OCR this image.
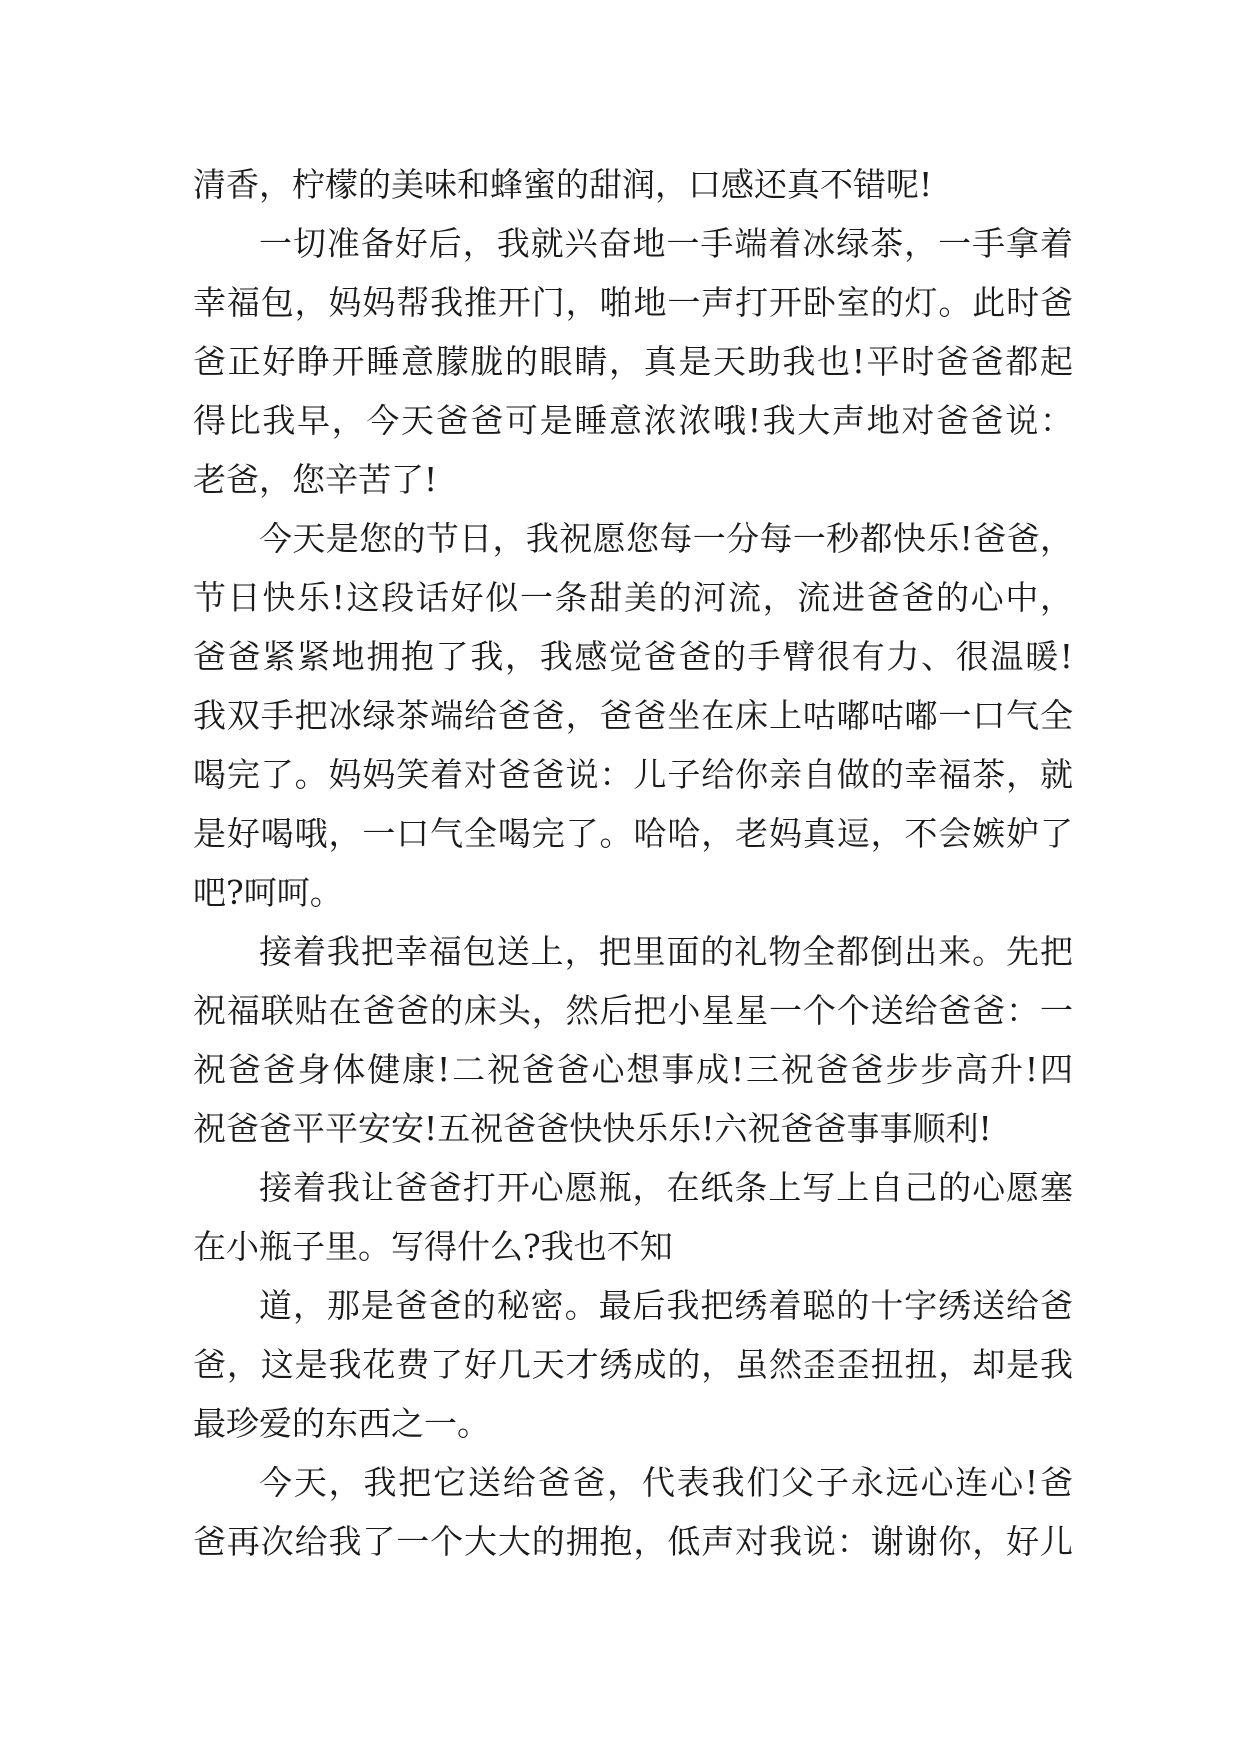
清香，柠檬的美味和蜂蜜的甜润，口感还真不错呢!
一切准备好后，我就兴奋地一手端着冰绿茶，一手拿着
幸福包，妈妈帮我推开门，啪地一声打开卧室的灯。此时爸
爸正好睁开睡意朦胧的眼睛，真是天助我也!平时爸爸都起
得比我早，今天爸爸可是睡意浓浓哦!我大声地对爸爸说：
老爸，您辛苦了!
今天是您的节日，我祝愿您每一分每一秒都快乐!爸爸，
节日快乐!这段话好似一条甜美的河流，流进爸爸的心中，
爸爸紧紧地拥抱了我，我感觉爸爸的手臂很有力、很温暖!
我双手把冰绿茶端给爸爸，爸爸坐在床上咕嘟咕嘟一口气全
喝完了。妈妈笑着对爸爸说：儿子给你亲自做的幸福茶，就
是好喝哦，一口气全喝完了。哈哈，老妈真逗，不会嫉妒了
吧?呵呵。
接着我把幸福包送上，把里面的礼物全都倒出来。先把
祝福联贴在爸爸的床头，然后把小星星一个个送给爸爸：一
祝爸爸身体健康!二祝爸爸心想事成!三祝爸爸步步高升!四
祝爸爸平平安安!五祝爸爸快快乐乐!六祝爸爸事事顺利!
接着我让爸爸打开心愿瓶，在纸条上写上自己的心愿塞
在小瓶子里。写得什么?我也不知
道，那是爸爸的秘密。最后我把绣着聪的十字绣送给爸
爸，这是我花费了好几天才绣成的，虽然歪歪扭扭，却是我
最珍爱的东西之一。
今天，我把它送给爸爸，代表我们父子永远心连心!爸
爸再次给我了一个大大的拥抱，低声对我说：谢谢你，好儿
